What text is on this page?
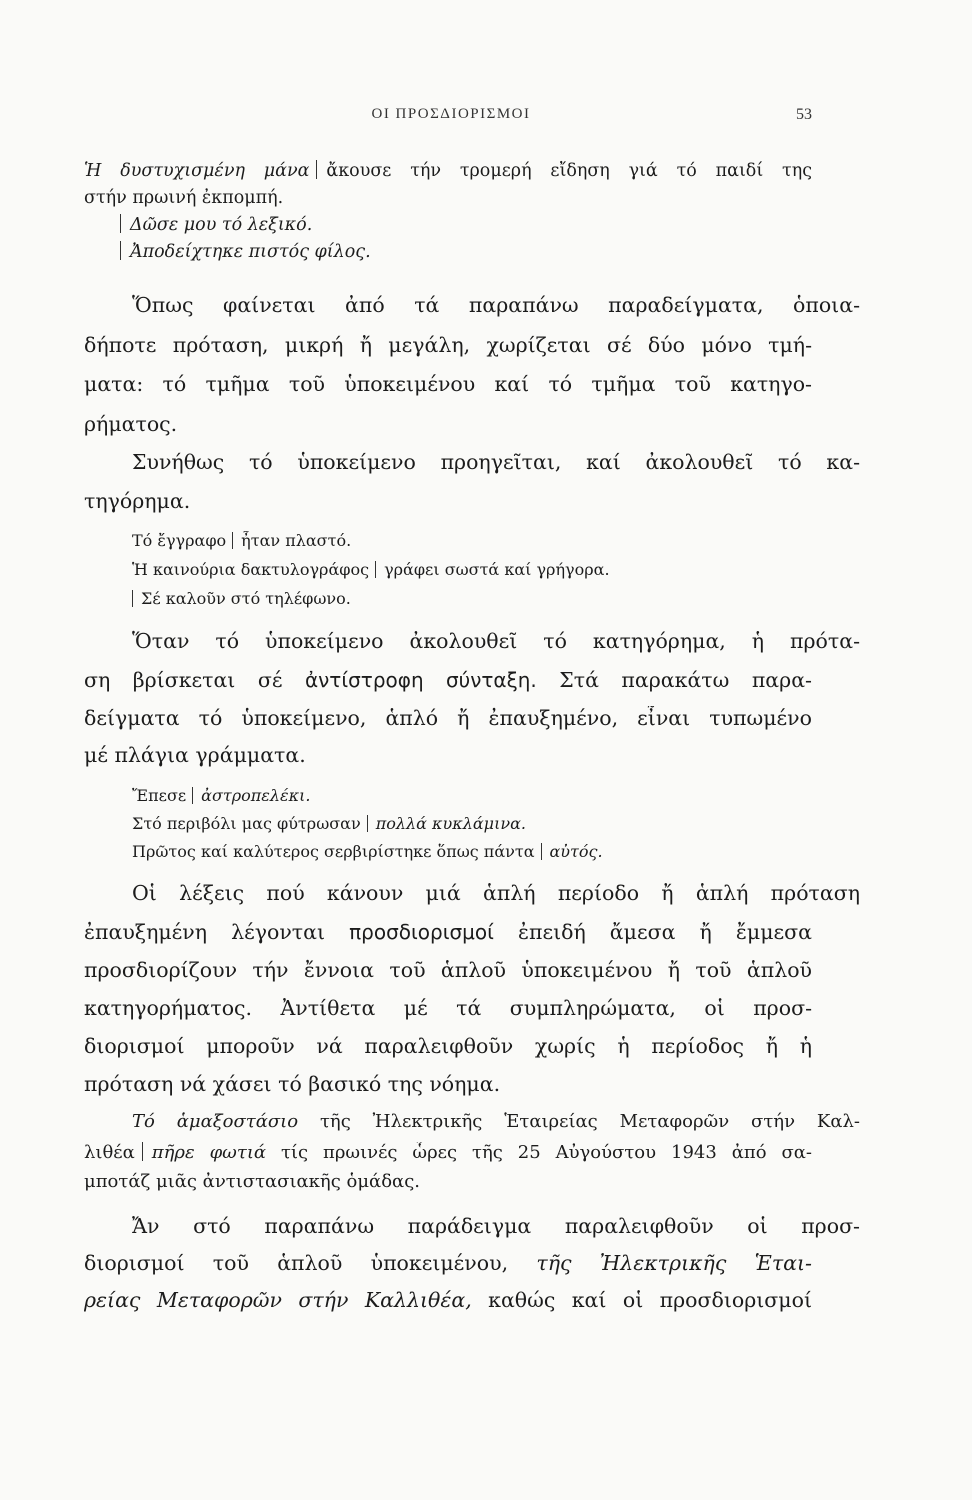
ΟΙ ΠΡΟΣΔΙΟΡΙΣΜΟΙ	53
Ἡ δυστυχισμένη μάνα ἄκουσε τήν τρομερή εἴδηση γιά τό παιδί της
στήν πρωινή ἐκπομπή.
Δῶσε μου τό λεξικό.
Ἀποδείχτηκε πιστός φίλος.
Ὅπως φαίνεται ἀπό τά παραπάνω παραδείγματα, ὁποια-
δήποτε πρόταση, μικρή ἤ μεγάλη, χωρίζεται σέ δύο μόνο τμή-
ματα: τό τμῆμα τοῦ ὑποκειμένου καί τό τμῆμα τοῦ κατηγο-
ρήματος.
Συνήθως τό ὑποκείμενο προηγεῖται, καί ἀκολουθεῖ τό κα-
τηγόρημα.
Τό ἔγγραφο ἦταν πλαστό.
Ἡ καινούρια δακτυλογράφος γράφει σωστά καί γρήγορα.
Σέ καλοῦν στό τηλέφωνο.
Ὅταν τό ὑποκείμενο ἀκολουθεῖ τό κατηγόρημα, ἡ πρότα-
ση βρίσκεται σέ ἀντίστροφη σύνταξη. Στά παρακάτω παρα-
δείγματα τό ὑποκείμενο, ἁπλό ἤ ἐπαυξημένο, εἶναι τυπωμένο
μέ πλάγια γράμματα.
Ἔπεσε ἀστροπελέκι.
Στό περιβόλι μας φύτρωσαν πολλά κυκλάμινα.
Πρῶτος καί καλύτερος σερβιρίστηκε ὅπως πάντα αὐτός.
Οἱ λέξεις πού κάνουν μιά ἁπλή περίοδο ἤ ἁπλή πρόταση
ἐπαυξημένη λέγονται προσδιορισμοί ἐπειδή ἄμεσα ἤ ἔμμεσα
προσδιορίζουν τήν ἔννοια τοῦ ἁπλοῦ ὑποκειμένου ἤ τοῦ ἁπλοῦ
κατηγορήματος. Ἀντίθετα μέ τά συμπληρώματα, οἱ προσ-
διορισμοί μποροῦν νά παραλειφθοῦν χωρίς ἡ περίοδος ἤ ἡ
πρόταση νά χάσει τό βασικό της νόημα.
Τό ἁμαξοστάσιο τῆς Ἠλεκτρικῆς Ἑταιρείας Μεταφορῶν στήν Καλ-
λιθέα πῆρε φωτιά τίς πρωινές ὧρες τῆς 25 Αὐγούστου 1943 ἀπό σα-
μποτάζ μιᾶς ἀντιστασιακῆς ὁμάδας.
Ἄν στό παραπάνω παράδειγμα παραλειφθοῦν οἱ προσ-
διορισμοί τοῦ ἁπλοῦ ὑποκειμένου, τῆς Ἠλεκτρικῆς Ἑται-
ρείας Μεταφορῶν στήν Καλλιθέα, καθώς καί οἱ προσδιορισμοί
